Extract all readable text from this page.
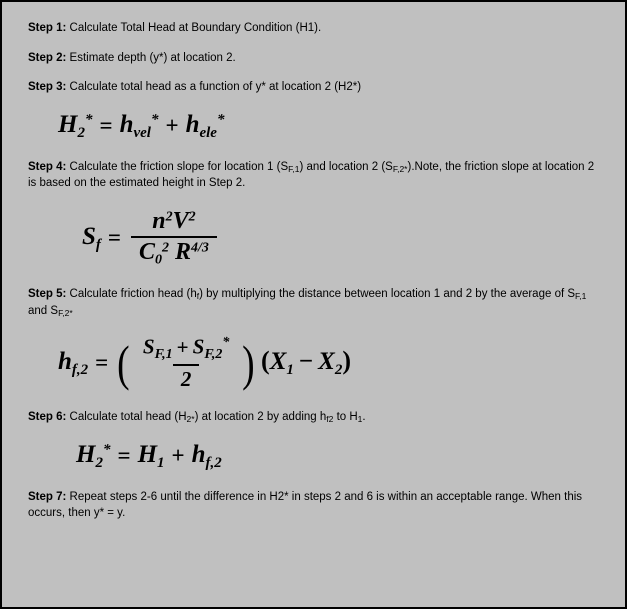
Step 1: Calculate Total Head at Boundary Condition (H1).

Step 2: Estimate depth (y*) at location 2.

Step 3: Calculate total head as a function of y* at location 2 (H2*)

H2* = hvel* + hele*

Step 4: Calculate the friction slope for location 1 $(S_{F,1})$ and location 2 $(S_{F,2*}).Note$, the friction slope at location 2 is based on the estimated height in Step 2.

$Sf = \frac{n^2V^2}{C0^2 R^{4/3}}$

Step 5: Calculate friction head $(h_f)$ by multiplying the distance between location 1 and 2 by the average of $S_{F,1}$ and $S_{F,2*}$

hf,2 = ( $\frac{S_{F,1} + S_{F,2}^*}{2}$ ) (X1 − X2)

Step 6: Calculate total head $(H_{2*})$ at location 2 by adding $h_{f2}$ to $H_1$.

H2* = H1 + hf,2

Step 7: Repeat steps 2-6 until the difference in H2* in steps 2 and 6 is within an acceptable range. When this occurs, then y* = y.
